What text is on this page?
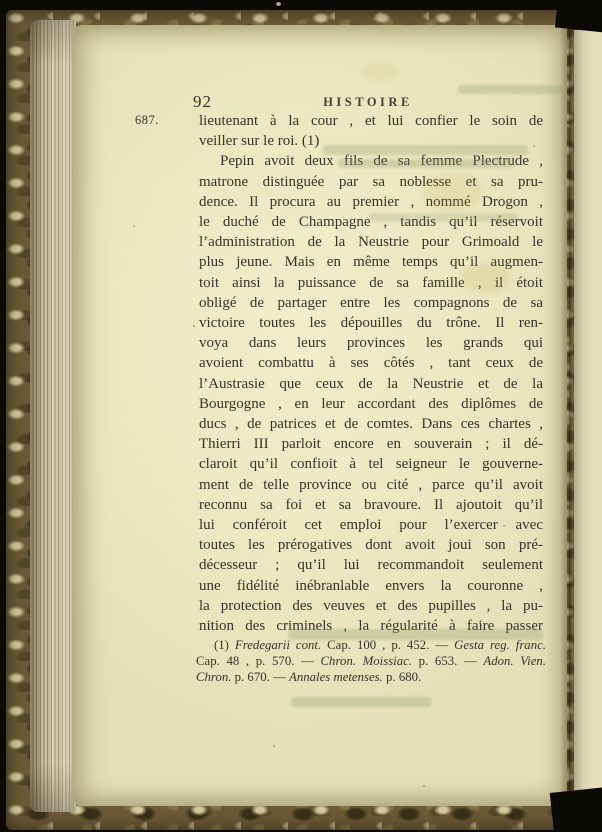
92	HISTOIRE
687.	lieutenant à la cour , et lui confier le soin de
veiller sur le roi. (1)
Pepin avoit deux fils de sa femme Plectrude ,
matrone distinguée par sa noblesse et sa pru-
dence. Il procura au premier , nommé Drogon ,
le duché de Champagne , tandis qu’il réservoit
l’administration de la Neustrie pour Grimoald le
plus jeune. Mais en même temps qu’il augmen-
toit ainsi la puissance de sa famille , il étoit
obligé de partager entre les compagnons de sa
victoire toutes les dépouilles du trône. Il ren-
voya dans leurs provinces les grands qui
avoient combattu à ses côtés , tant ceux de
l’Austrasie que ceux de la Neustrie et de la
Bourgogne , en leur accordant des diplômes de
ducs , de patrices et de comtes. Dans ces chartes ,
Thierri III parloit encore en souverain ; il dé-
claroit qu’il confioit à tel seigneur le gouverne-
ment de telle province ou cité , parce qu’il avoit
reconnu sa foi et sa bravoure. Il ajoutoit qu’il
lui conféroit cet emploi pour l’exercer avec
toutes les prérogatives dont avoit joui son pré-
décesseur ; qu’il lui recommandoit seulement
une fidélité inébranlable envers la couronne ,
la protection des veuves et des pupilles , la pu-
nition des criminels , la régularité à faire passer
(1) Fredegarii cont. Cap. 100 , p. 452. — Gesta reg. franc.
Cap. 48 , p. 570. — Chron. Moissiac. p. 653. — Adon. Vien.
Chron. p. 670. — Annales metenses. p. 680.
